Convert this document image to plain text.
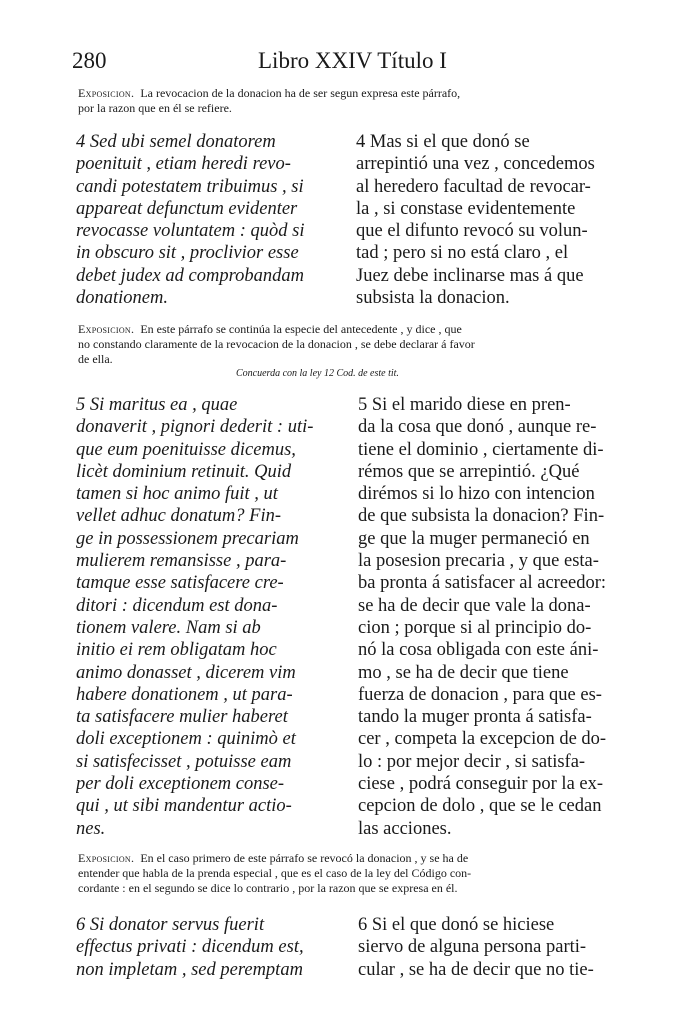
280	Libro XXIV Título I

Exposicion. La revocacion de la donacion ha de ser segun expresa este párrafo,
por la razon que en él se refiere.

4 Sed ubi semel donatorem
poenituit , etiam heredi revo-
candi potestatem tribuimus , si
appareat defunctum evidenter
revocasse voluntatem : quòd si
in obscuro sit , proclivior esse
debet judex ad comprobandam
donationem.
4 Mas si el que donó se
arrepintió una vez , concedemos
al heredero facultad de revocar-
la , si constase evidentemente
que el difunto revocó su volun-
tad ; pero si no está claro , el
Juez debe inclinarse mas á que
subsista la donacion.

Exposicion. En este párrafo se continúa la especie del antecedente , y dice , que
no constando claramente de la revocacion de la donacion , se debe declarar á favor
de ella.

Concuerda con la ley 12 Cod. de este tit.
5 Si maritus ea , quae
donaverit , pignori dederit : uti-
que eum poenituisse dicemus,
licèt dominium retinuit. Quid
tamen si hoc animo fuit , ut
vellet adhuc donatum? Fin-
ge in possessionem precariam
mulierem remansisse , para-
tamque esse satisfacere cre-
ditori : dicendum est dona-
tionem valere. Nam si ab
initio ei rem obligatam hoc
animo donasset , dicerem vim
habere donationem , ut para-
ta satisfacere mulier haberet
doli exceptionem : quinimò et
si satisfecisset , potuisse eam
per doli exceptionem conse-
qui , ut sibi mandentur actio-
nes.
5 Si el marido diese en pren-
da la cosa que donó , aunque re-
tiene el dominio , ciertamente di-
rémos que se arrepintió. ¿Qué
dirémos si lo hizo con intencion
de que subsista la donacion? Fin-
ge que la muger permaneció en
la posesion precaria , y que esta-
ba pronta á satisfacer al acreedor:
se ha de decir que vale la dona-
cion ; porque si al principio do-
nó la cosa obligada con este áni-
mo , se ha de decir que tiene
fuerza de donacion , para que es-
tando la muger pronta á satisfa-
cer , competa la excepcion de do-
lo : por mejor decir , si satisfa-
ciese , podrá conseguir por la ex-
cepcion de dolo , que se le cedan
las acciones.

Exposicion. En el caso primero de este párrafo se revocó la donacion , y se ha de
entender que habla de la prenda especial , que es el caso de la ley del Código con-
cordante : en el segundo se dice lo contrario , por la razon que se expresa en él.

6 Si donator servus fuerit
effectus privati : dicendum est,
non impletam , sed peremptam
6 Si el que donó se hiciese
siervo de alguna persona parti-
cular , se ha de decir que no tie-
